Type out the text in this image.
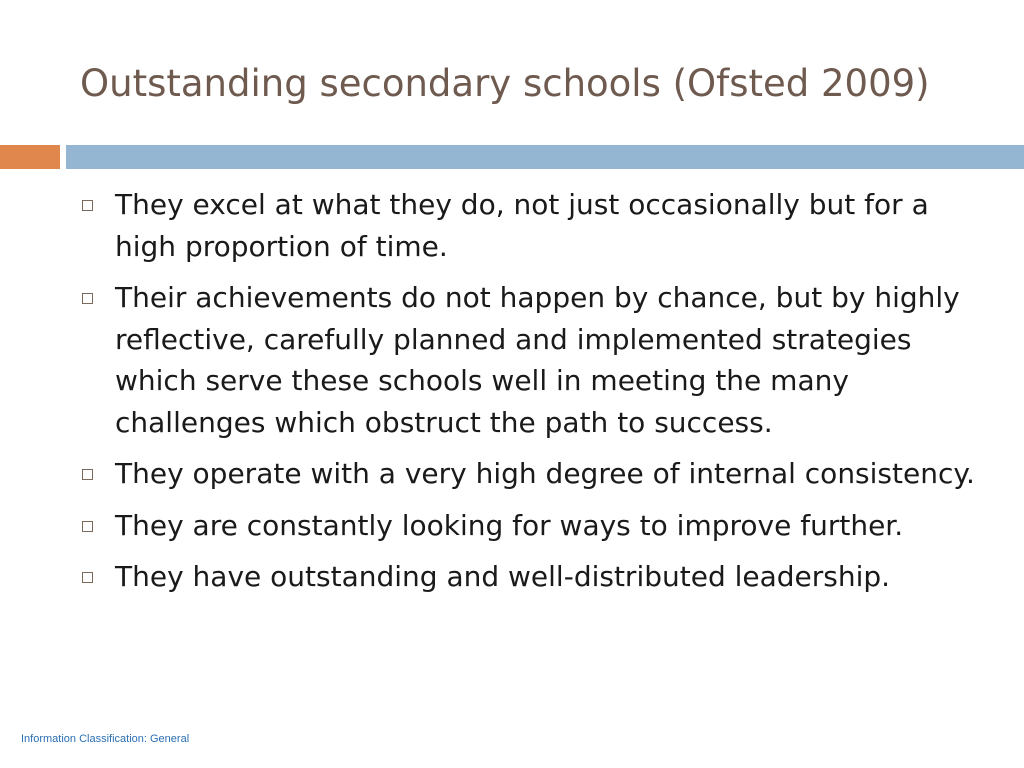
Outstanding secondary schools (Ofsted 2009)
They excel at what they do, not just occasionally but for a high proportion of time.
Their achievements do not happen by chance, but by highly reflective, carefully planned and implemented strategies which serve these schools well in meeting the many challenges which obstruct the path to success.
They operate with a very high degree of internal consistency.
They are constantly looking for ways to improve further.
They have outstanding and well-distributed leadership.
Information Classification: General
